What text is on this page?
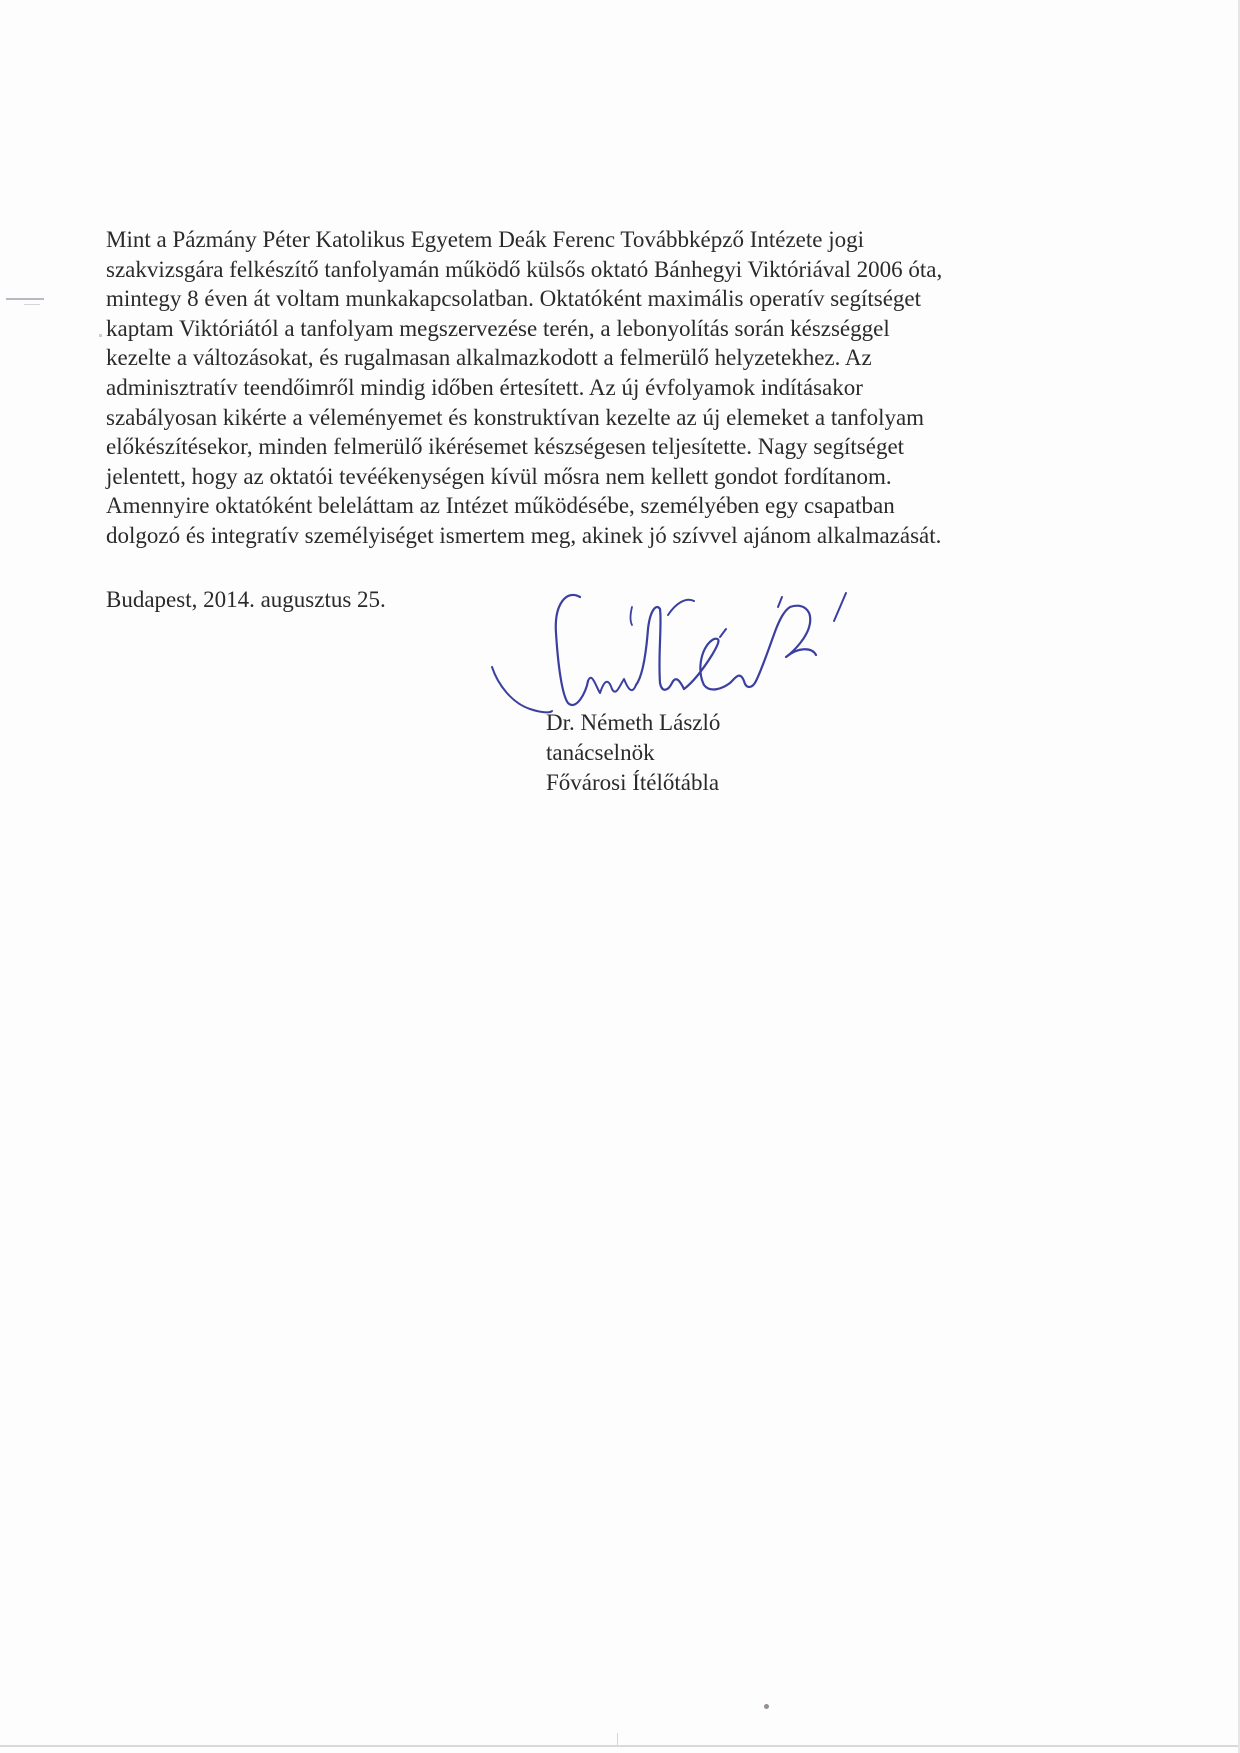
Mint a Pázmány Péter Katolikus Egyetem Deák Ferenc Továbbképző Intézete jogi
szakvizsgára felkészítő tanfolyamán működő külsős oktató Bánhegyi Viktóriával 2006 óta,
mintegy 8 éven át voltam munkakapcsolatban. Oktatóként maximális operatív segítséget
kaptam Viktóriától a tanfolyam megszervezése terén, a lebonyolítás során készséggel
kezelte a változásokat, és rugalmasan alkalmazkodott a felmerülő helyzetekhez. Az
adminisztratív teendőimről mindig időben értesített. Az új évfolyamok indításakor
szabályosan kikérte a véleményemet és konstruktívan kezelte az új elemeket a tanfolyam
előkészítésekor, minden felmerülő ikérésemet készségesen teljesítette. Nagy segítséget
jelentett, hogy az oktatói tevéékenységen kívül mősra nem kellett gondot fordítanom.
Amennyire oktatóként beleláttam az Intézet működésébe, személyében egy csapatban
dolgozó és integratív személyiséget ismertem meg, akinek jó szívvel ajánom alkalmazását.
Budapest, 2014. augusztus 25.
Dr. Németh László
tanácselnök
Fővárosi Ítélőtábla
